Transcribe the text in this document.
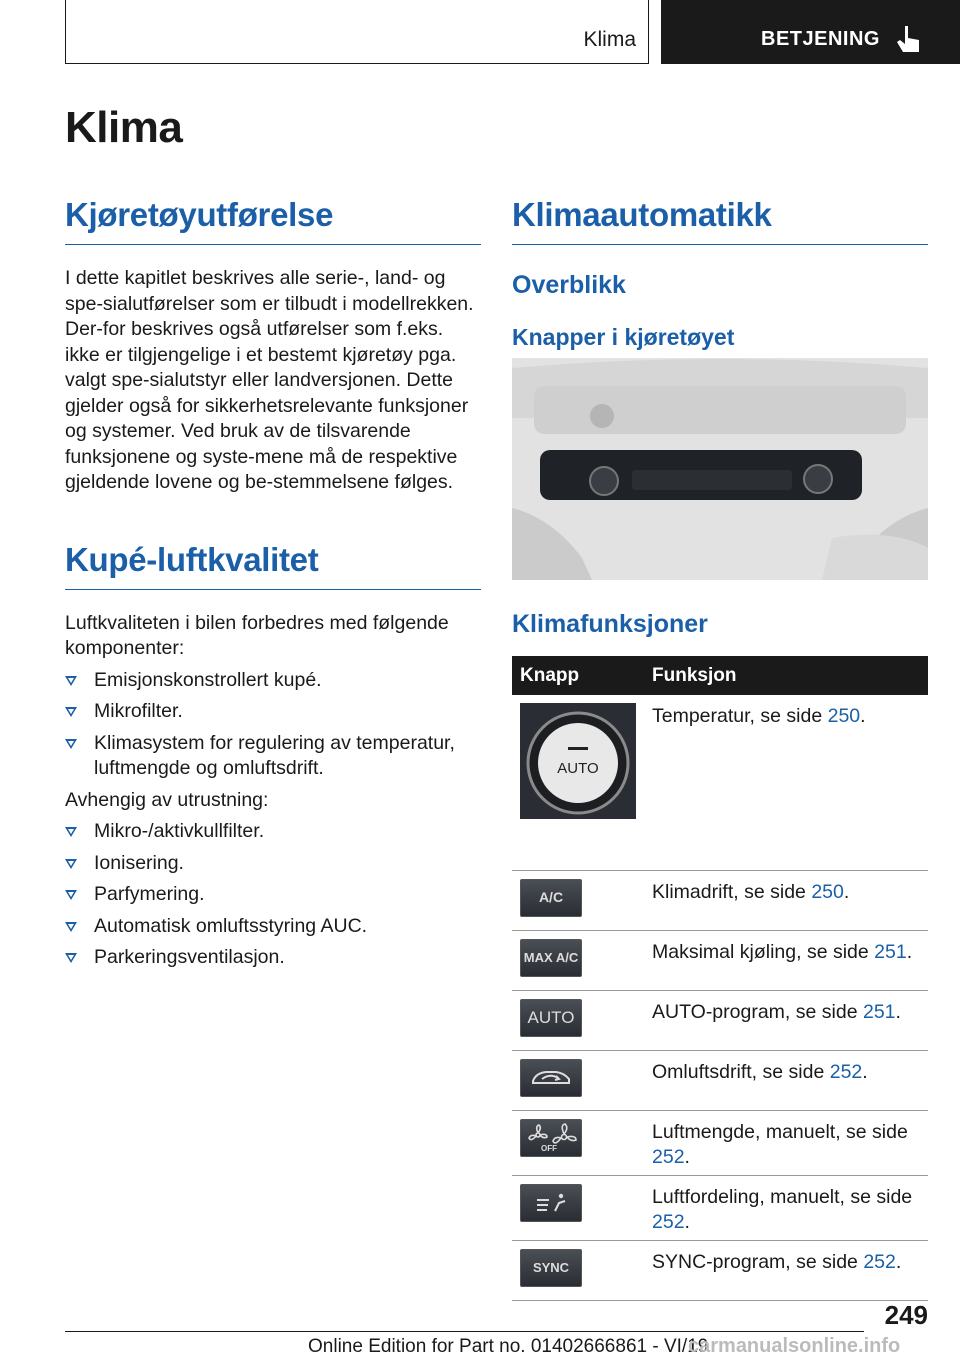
Klima	BETJENING
Klima
Kjøretøyutførelse

I dette kapitlet beskrives alle serie-, land- og spe-sialutførelser som er tilbudt i modellrekken. Der-for beskrives også utførelser som f.eks. ikke er tilgjengelige i et bestemt kjøretøy pga. valgt spe-sialutstyr eller landversjonen. Dette gjelder også for sikkerhetsrelevante funksjoner og systemer. Ved bruk av de tilsvarende funksjonene og syste-mene må de respektive gjeldende lovene og be-stemmelsene følges.

Kupé-luftkvalitet

Luftkvaliteten i bilen forbedres med følgende komponenter:

Emisjonskonstrollert kupé.
Mikrofilter.
Klimasystem for regulering av temperatur, luftmengde og omluftsdrift.

Avhengig av utrustning:

Mikro-/aktivkullfilter.
Ionisering.
Parfymering.
Automatisk omluftsstyring AUC.
Parkeringsventilasjon.
Klimaautomatikk
Overblikk
Knapper i kjøretøyet
Klimafunksjoner
Knapp	Funksjon

AUTO	Temperatur, se side 250.

A/C	Klimadrift, se side 250.

MAX A/C	Maksimal kjøling, se side 251.

AUTO	AUTO-program, se side 251.

	Omluftsdrift, se side 252.

OFF	Luftmengde, manuelt, se side 252.

	Luftfordeling, manuelt, se side 252.

SYNC	SYNC-program, se side 252.
249
Online Edition for Part no. 01402666861 - VI/19
carmanualsonline.info
